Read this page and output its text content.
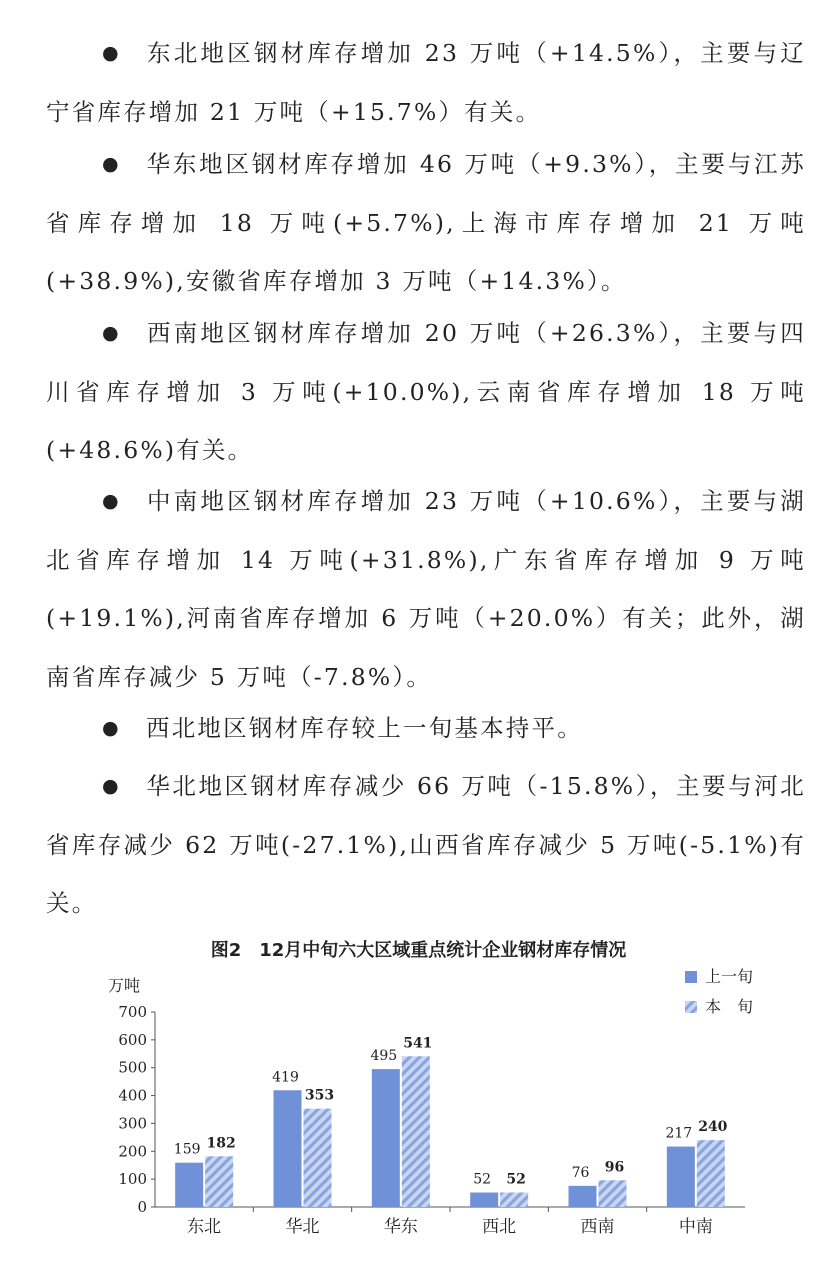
● 东北地区钢材库存增加 23 万吨（+14.5%），主要与辽宁省库存增加 21 万吨（+15.7%）有关。

● 华东地区钢材库存增加 46 万吨（+9.3%），主要与江苏省库存增加 18 万吨(+5.7%),上海市库存增加 21 万吨(+38.9%),安徽省库存增加 3 万吨（+14.3%）。

● 西南地区钢材库存增加 20 万吨（+26.3%），主要与四川省库存增加 3 万吨(+10.0%),云南省库存增加 18 万吨(+48.6%)有关。

● 中南地区钢材库存增加 23 万吨（+10.6%），主要与湖北省库存增加 14 万吨(+31.8%),广东省库存增加 9 万吨(+19.1%),河南省库存增加 6 万吨（+20.0%）有关；此外，湖南省库存减少 5 万吨（-7.8%）。

● 西北地区钢材库存较上一旬基本持平。

● 华北地区钢材库存减少 66 万吨（-15.8%），主要与河北省库存减少 62 万吨(-27.1%),山西省库存减少 5 万吨(-5.1%)有关。

图2　12月中旬六大区域重点统计企业钢材库存情况
0
100
200
300
400
500
600
700
万吨
东北
159 182
华北
419
353
华东
495
541
西北
52 52
西南
76 96
中南
217 240
上一旬
本　旬
